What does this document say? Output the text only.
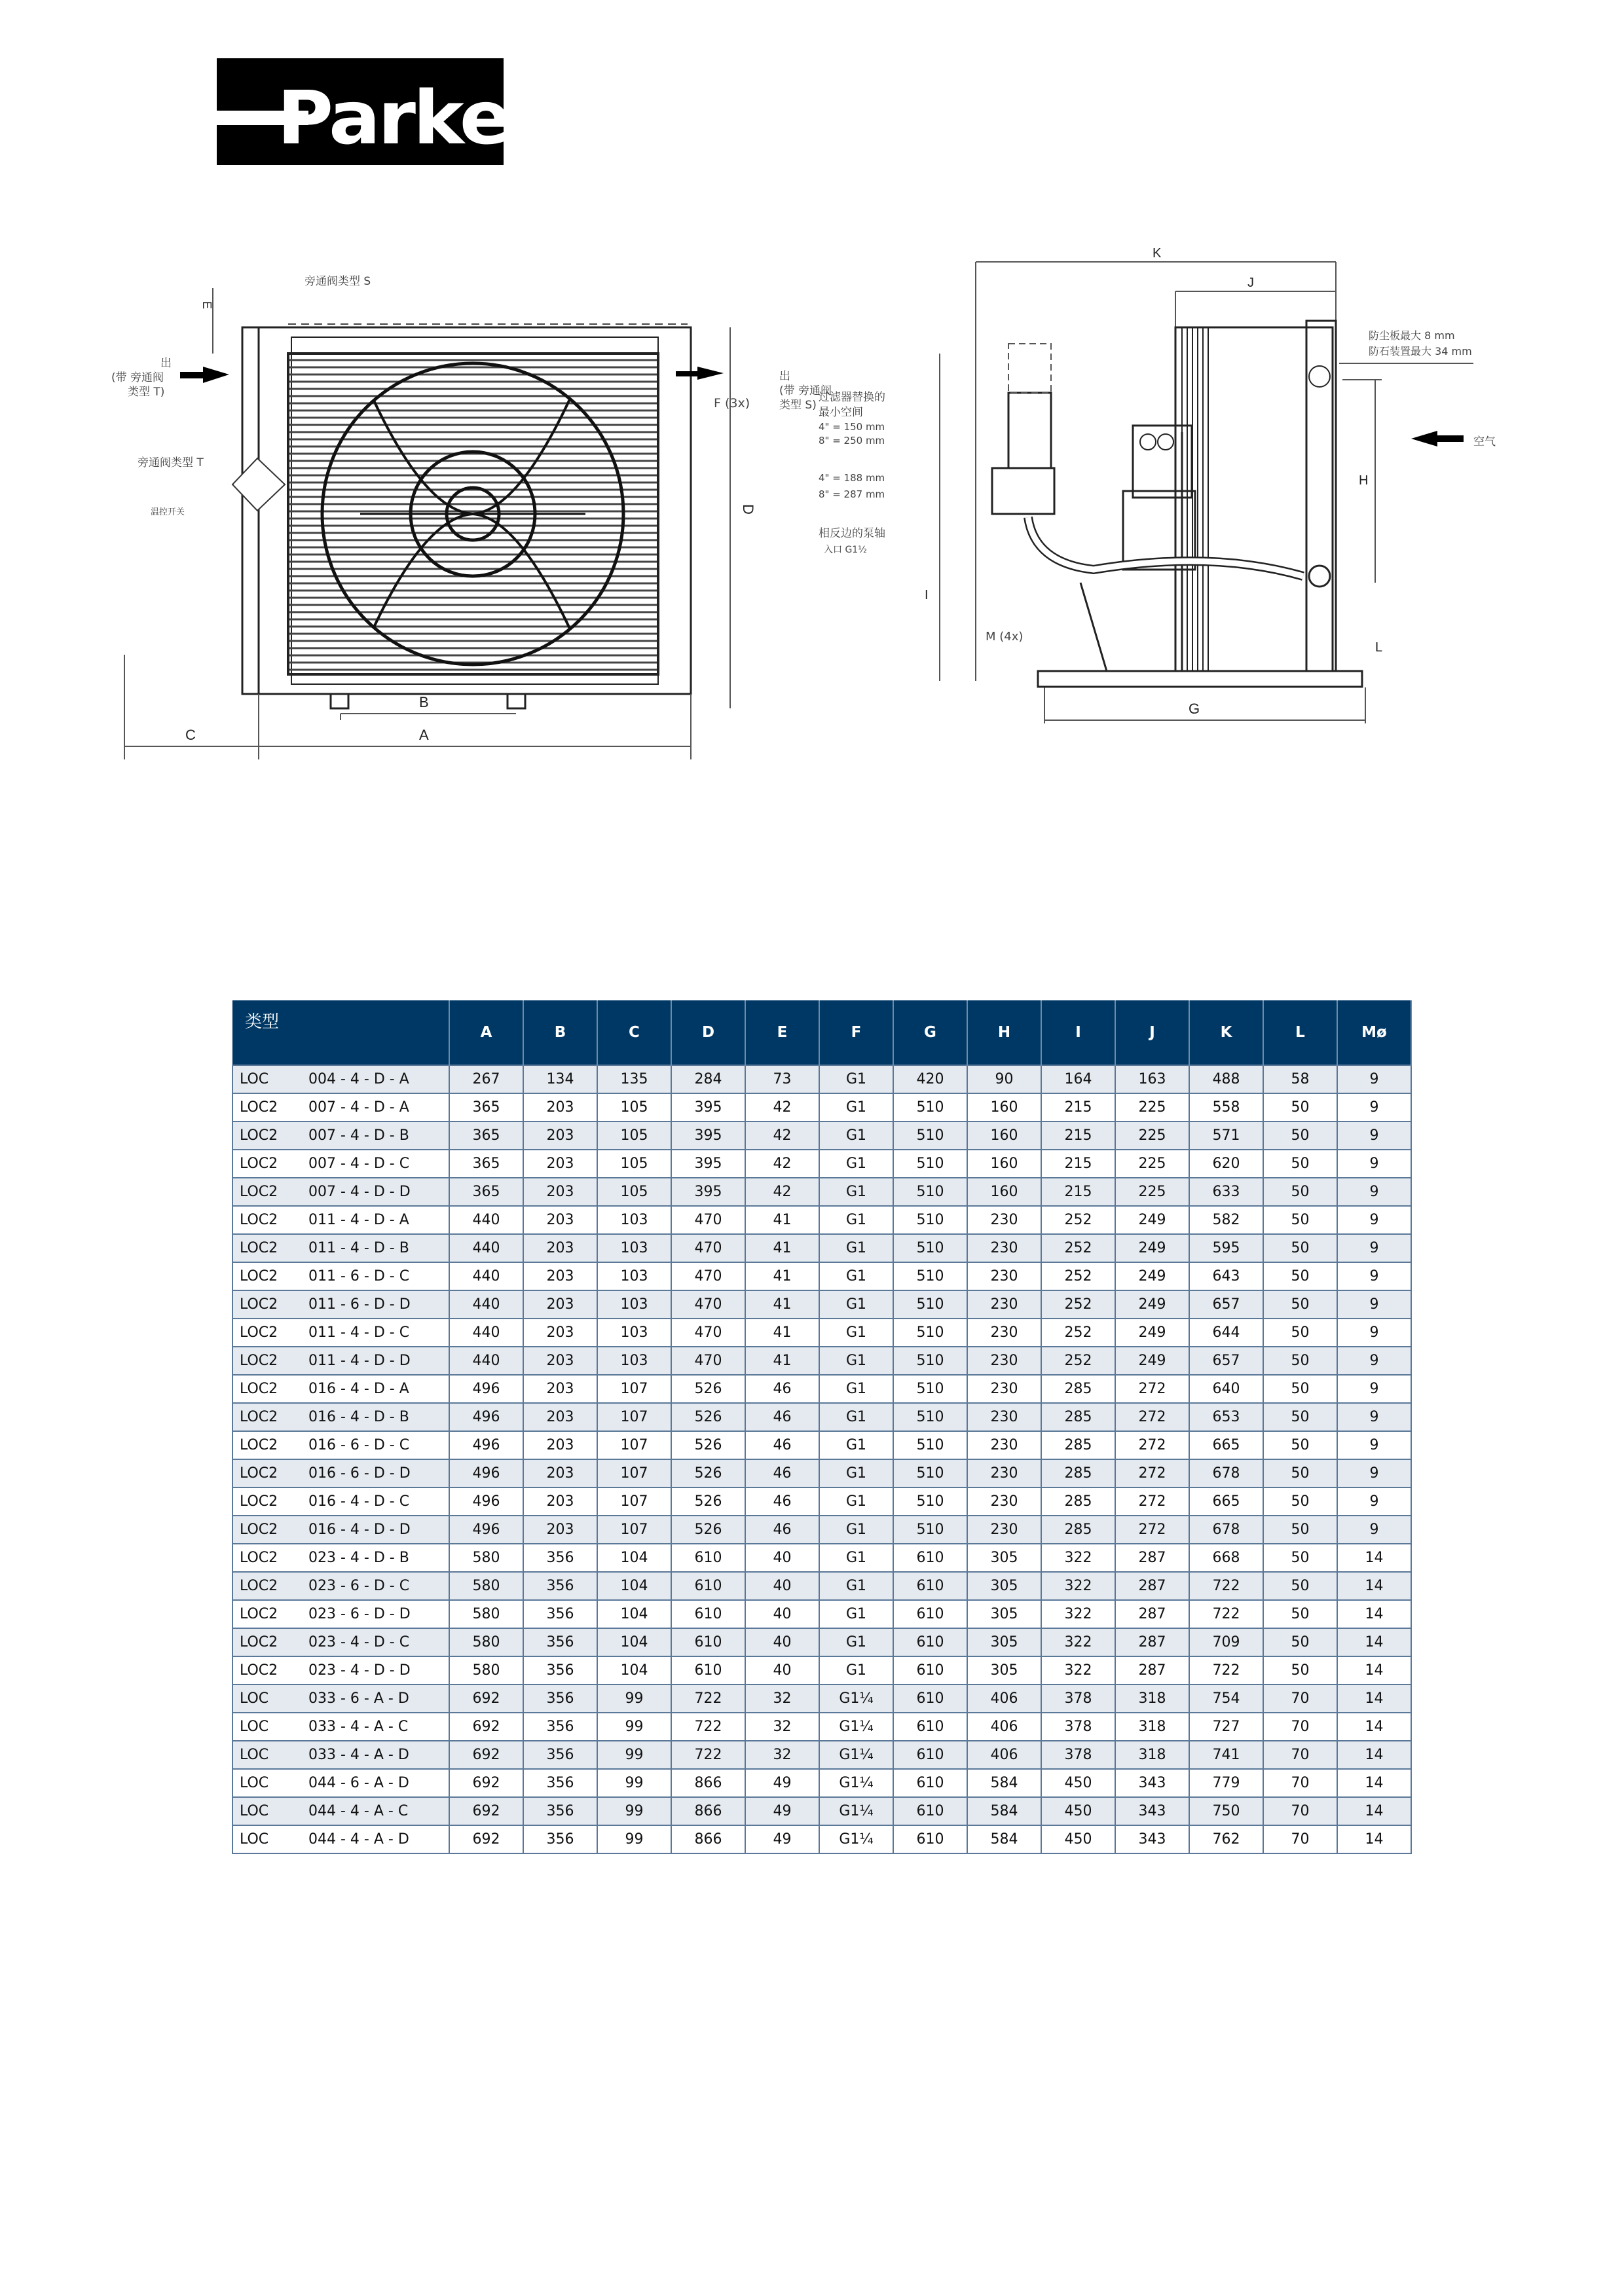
Parker
C	A
B
D
E
旁通阀类型 S
出
(带 旁通阀
类型 T)
出
(带 旁通阀
类型 S)
旁通阀类型 T
温控开关
F (3x)
K
J
H
I
G
L
过滤器替换的
最小空间
4" = 150 mm
8" = 250 mm
4" = 188 mm
8" = 287 mm
相反边的泵轴
入口 G1½
防尘板最大 8 mm
防石装置最大 34 mm
空气
M (4x)
类型	A	B	C	D	E	F	G	H	I	J	K	L	Mø
LOC 004 - 4 - D - A	267	134	135	284	73	G1	420	90	164	163	488	58	9
LOC2 007 - 4 - D - A	365	203	105	395	42	G1	510	160	215	225	558	50	9
LOC2 007 - 4 - D - B	365	203	105	395	42	G1	510	160	215	225	571	50	9
LOC2 007 - 4 - D - C	365	203	105	395	42	G1	510	160	215	225	620	50	9
LOC2 007 - 4 - D - D	365	203	105	395	42	G1	510	160	215	225	633	50	9
LOC2 011 - 4 - D - A	440	203	103	470	41	G1	510	230	252	249	582	50	9
LOC2 011 - 4 - D - B	440	203	103	470	41	G1	510	230	252	249	595	50	9
LOC2 011 - 6 - D - C	440	203	103	470	41	G1	510	230	252	249	643	50	9
LOC2 011 - 6 - D - D	440	203	103	470	41	G1	510	230	252	249	657	50	9
LOC2 011 - 4 - D - C	440	203	103	470	41	G1	510	230	252	249	644	50	9
LOC2 011 - 4 - D - D	440	203	103	470	41	G1	510	230	252	249	657	50	9
LOC2 016 - 4 - D - A	496	203	107	526	46	G1	510	230	285	272	640	50	9
LOC2 016 - 4 - D - B	496	203	107	526	46	G1	510	230	285	272	653	50	9
LOC2 016 - 6 - D - C	496	203	107	526	46	G1	510	230	285	272	665	50	9
LOC2 016 - 6 - D - D	496	203	107	526	46	G1	510	230	285	272	678	50	9
LOC2 016 - 4 - D - C	496	203	107	526	46	G1	510	230	285	272	665	50	9
LOC2 016 - 4 - D - D	496	203	107	526	46	G1	510	230	285	272	678	50	9
LOC2 023 - 4 - D - B	580	356	104	610	40	G1	610	305	322	287	668	50	14
LOC2 023 - 6 - D - C	580	356	104	610	40	G1	610	305	322	287	722	50	14
LOC2 023 - 6 - D - D	580	356	104	610	40	G1	610	305	322	287	722	50	14
LOC2 023 - 4 - D - C	580	356	104	610	40	G1	610	305	322	287	709	50	14
LOC2 023 - 4 - D - D	580	356	104	610	40	G1	610	305	322	287	722	50	14
LOC 033 - 6 - A - D	692	356	99	722	32	G1¼	610	406	378	318	754	70	14
LOC 033 - 4 - A - C	692	356	99	722	32	G1¼	610	406	378	318	727	70	14
LOC 033 - 4 - A - D	692	356	99	722	32	G1¼	610	406	378	318	741	70	14
LOC 044 - 6 - A - D	692	356	99	866	49	G1¼	610	584	450	343	779	70	14
LOC 044 - 4 - A - C	692	356	99	866	49	G1¼	610	584	450	343	750	70	14
LOC 044 - 4 - A - D	692	356	99	866	49	G1¼	610	584	450	343	762	70	14
